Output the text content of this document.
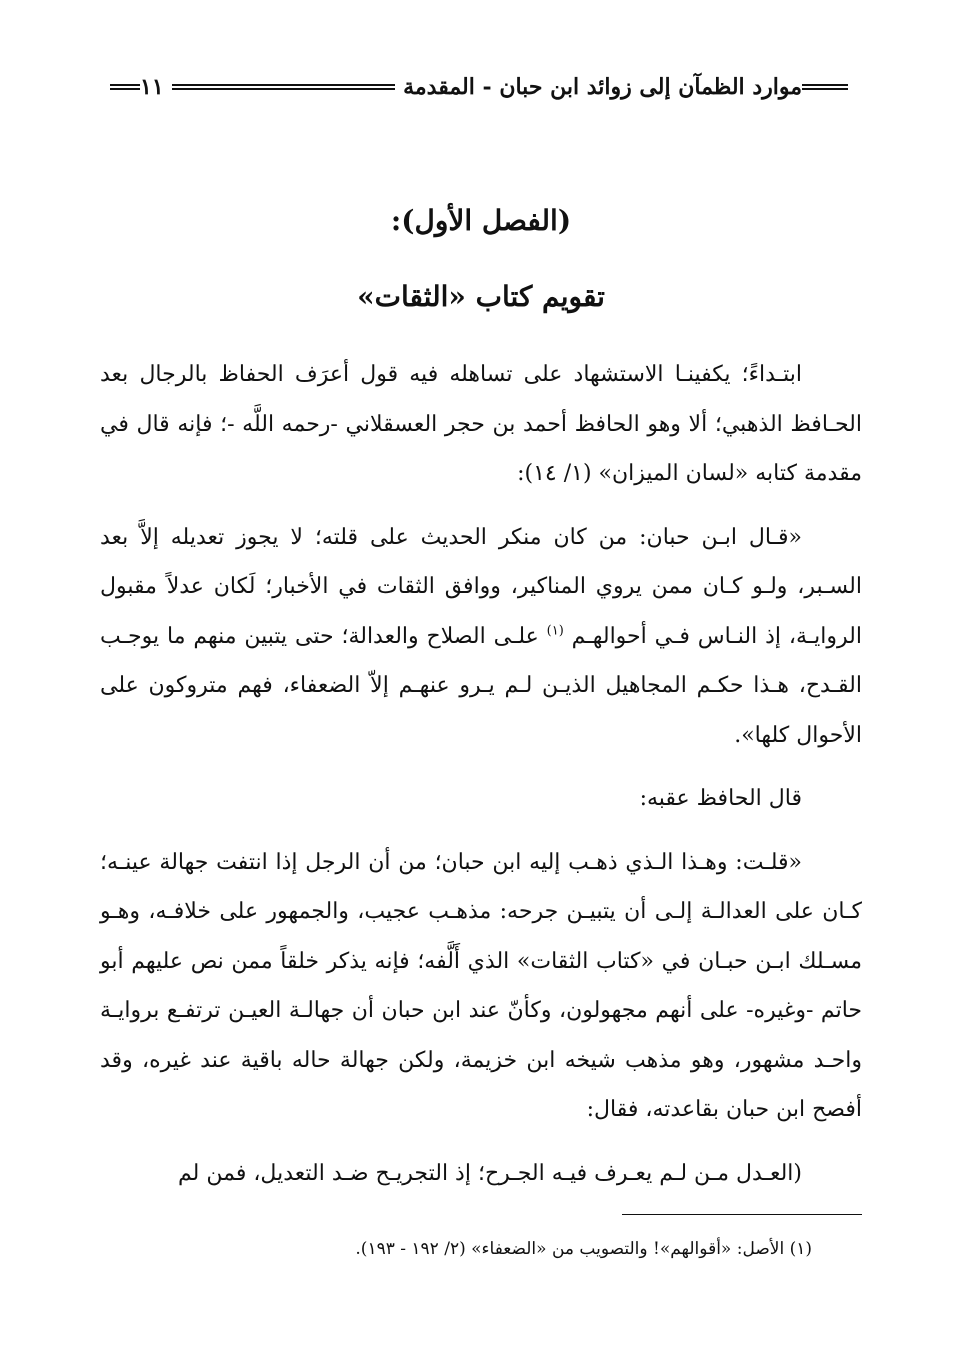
موارد الظمآن إلى زوائد ابن حبان - المقدمة
١١
(الفصل الأول):
تقويم كتاب «الثقات»

ابتـداءً؛ يكفينـا الاستشهاد على تساهله فيه قول أعرَف الحفاظ بالرجال بعد الحـافظ الذهبي؛ ألا وهو الحافظ أحمد بن حجر العسقلاني -رحمه اللَّه -؛ فإنه قال في مقدمة كتابه «لسان الميزان» (١/ ١٤):

«قـال ابـن حبان: من كان منكر الحديث على قلته؛ لا يجوز تعديله إلاَّ بعد السـبر، ولـو كـان ممن يروي المناكير، ووافق الثقات في الأخبار؛ لَكان عدلاً مقبول الروايـة، إذ النـاس فـي أحوالهـم $^{(١)}$ علـى الصلاح والعدالة؛ حتى يتبين منهم ما يوجـب القـدح، هـذا حكـم المجاهيل الذيـن لـم يـرو عنهـم إلاّ الضعفاء، فهم متروكون على الأحوال كلها».

قال الحافظ عقبه:

«قلـت: وهـذا الـذي ذهـب إليه ابن حبان؛ من أن الرجل إذا انتفت جهالة عينـه؛ كـان على العدالـة إلـى أن يتبيـن جرحه: مذهـب عجيب، والجمهور على خلافـه، وهـو مسـلك ابـن حبـان في «كتاب الثقات» الذي أَلَّفه؛ فإنه يذكر خلقاً ممن نص عليهم أبو حاتم -وغيره- على أنهم مجهولون، وكأنّ عند ابن حبان أن جهالـة العيـن ترتفـع بروايـة واحـد مشهور، وهو مذهب شيخه ابن خزيمة، ولكن جهالة حاله باقية عند غيره، وقد أفصح ابن حبان بقاعدته، فقال:

(العـدل مـن لـم يعـرف فيـه الجـرح؛ إذ التجريـح ضـد التعديل، فمن لم

(١) الأصل: «أقوالهم»! والتصويب من «الضعفاء» (٢/ ١٩٢ - ١٩٣).
